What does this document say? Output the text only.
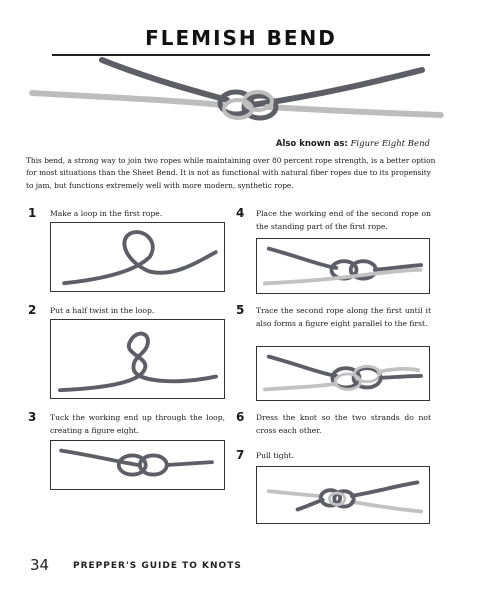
FLEMISH BEND
Also known as: Figure Eight Bend
This bend, a strong way to join two ropes while maintaining over 80 percent rope strength, is a better option for most situations than the Sheet Bend. It is not as functional with natural fiber ropes due to its propensity to jam, but functions extremely well with more modern, synthetic rope.
1 Make a loop in the first rope.
2 Put a half twist in the loop.
3 Tuck the working end up through the loop, creating a figure eight.
4 Place the working end of the second rope on the standing part of the first rope.
5 Trace the second rope along the first until it also forms a figure eight parallel to the first.
6 Dress the knot so the two strands do not cross each other.
7 Pull tight.
34	PREPPER'S GUIDE TO KNOTS
